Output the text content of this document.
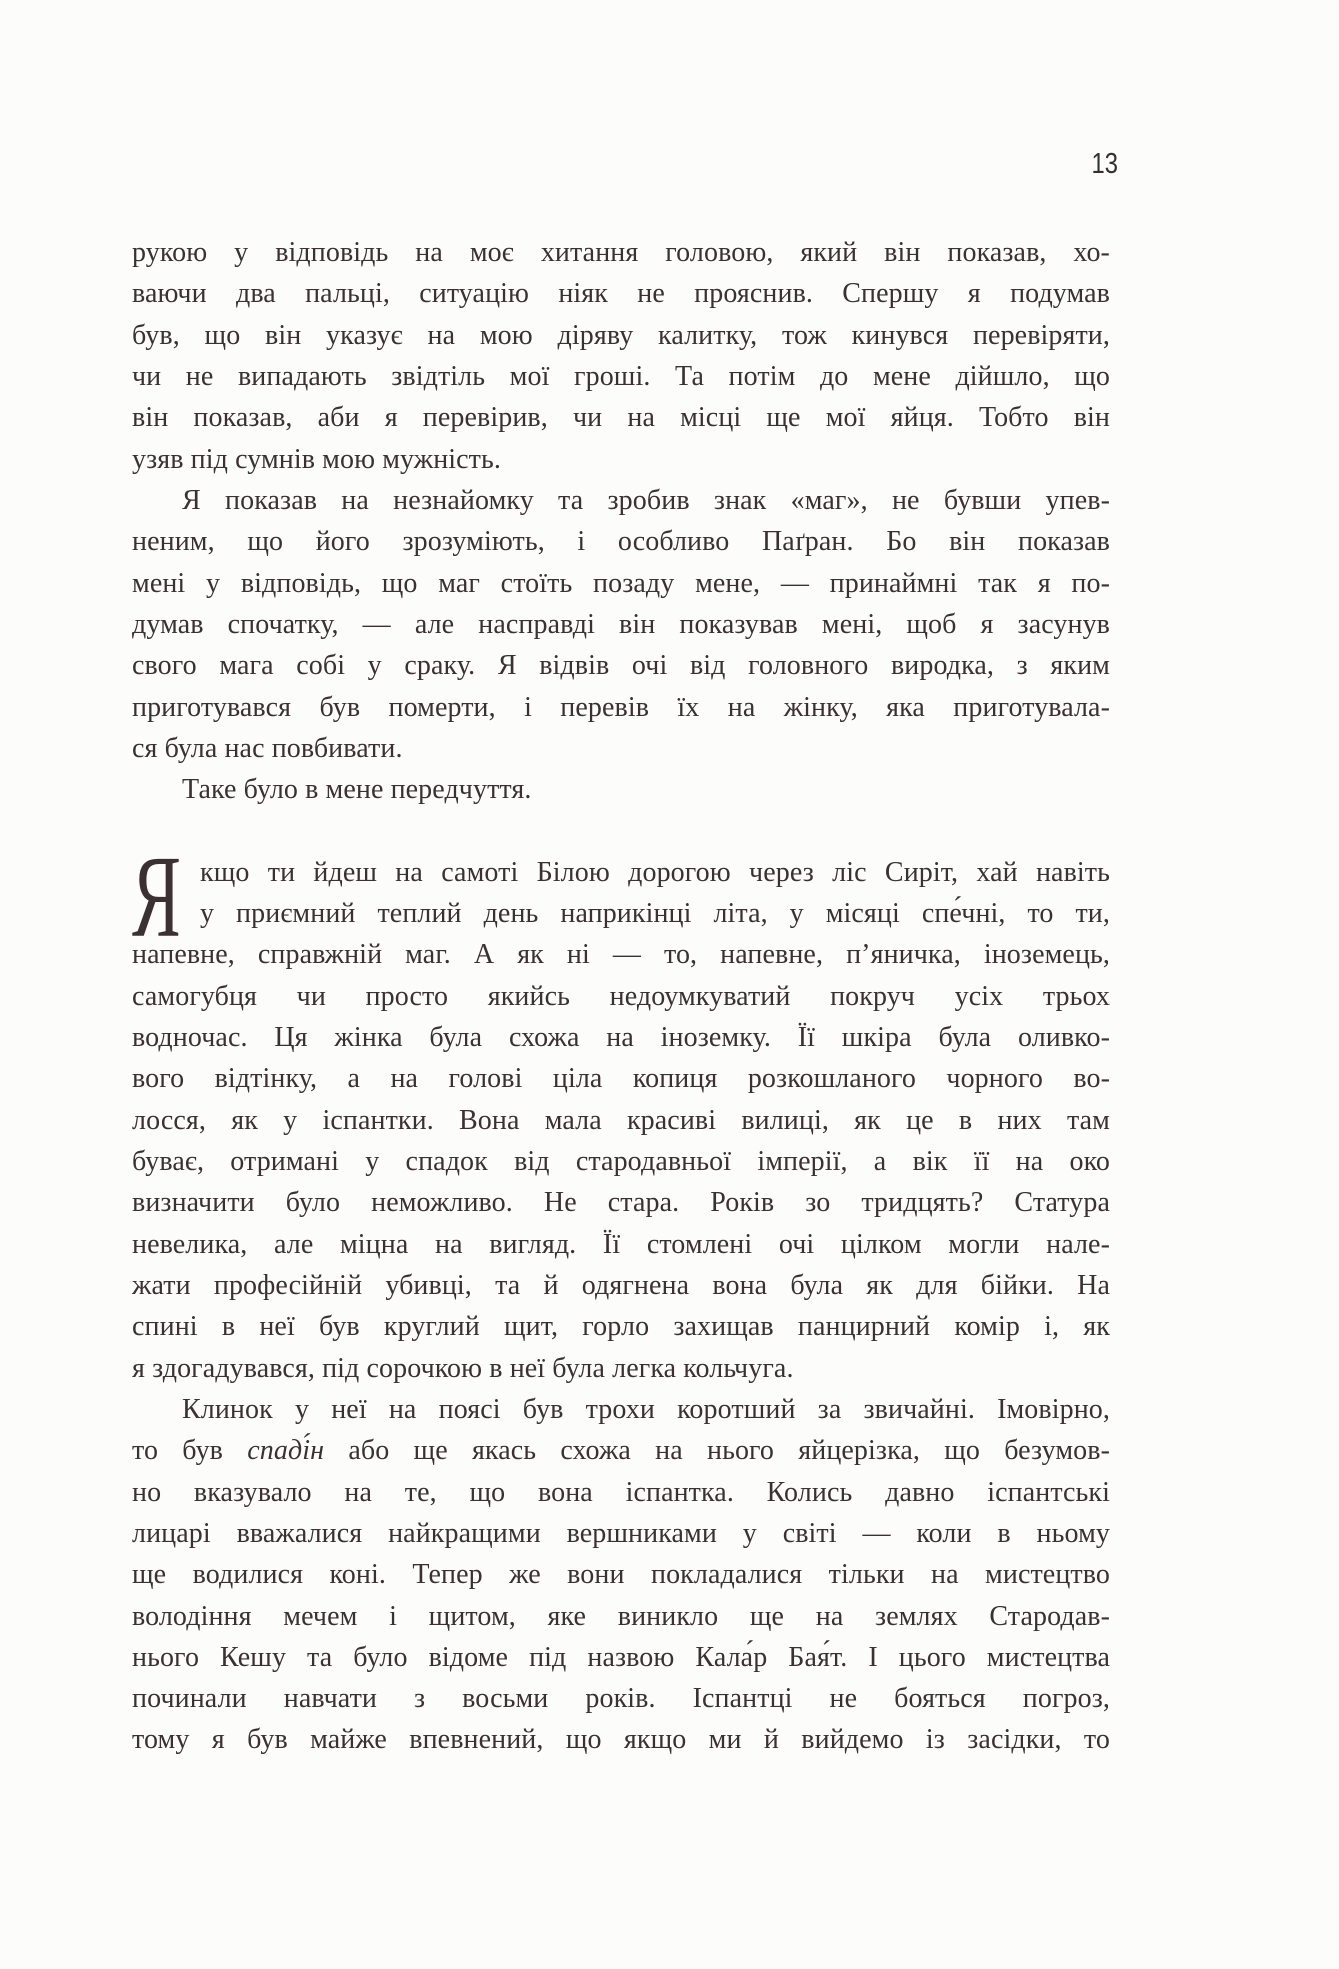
13
рукою у відповідь на моє хитання головою, який він показав, хо-
ваючи два пальці, ситуацію ніяк не прояснив. Спершу я подумав
був, що він указує на мою діряву калитку, тож кинувся перевіряти,
чи не випадають звідтіль мої гроші. Та потім до мене дійшло, що
він показав, аби я перевірив, чи на місці ще мої яйця. Тобто він
узяв під сумнів мою мужність.
Я показав на незнайомку та зробив знак «маг», не бувши упев-
неним, що його зрозуміють, і особливо Паґран. Бо він показав
мені у відповідь, що маг стоїть позаду мене, — принаймні так я по-
думав спочатку, — але насправді він показував мені, щоб я засунув
свого мага собі у сраку. Я відвів очі від головного виродка, з яким
приготувався був померти, і перевів їх на жінку, яка приготувала-
ся була нас повбивати.
Таке було в мене передчуття.
Я кщо ти йдеш на самоті Білою дорогою через ліс Сиріт, хай навіть
у приємний теплий день наприкінці літа, у місяці спе́чні, то ти,
напевне, справжній маг. А як ні — то, напевне, п’яничка, іноземець,
самогубця чи просто якийсь недоумкуватий покруч усіх трьох
водночас. Ця жінка була схожа на іноземку. Її шкіра була оливко-
вого відтінку, а на голові ціла копиця розкошланого чорного во-
лосся, як у іспантки. Вона мала красиві вилиці, як це в них там
буває, отримані у спадок від стародавньої імперії, а вік її на око
визначити було неможливо. Не стара. Років зо тридцять? Статура
невелика, але міцна на вигляд. Її стомлені очі цілком могли нале-
жати професійній убивці, та й одягнена вона була як для бійки. На
спині в неї був круглий щит, горло захищав панцирний комір і, як
я здогадувався, під сорочкою в неї була легка кольчуга.
Клинок у неї на поясі був трохи коротший за звичайні. Імовірно,
то був спаді́н або ще якась схожа на нього яйцерізка, що безумов-
но вказувало на те, що вона іспантка. Колись давно іспантські
лицарі вважалися найкращими вершниками у світі — коли в ньому
ще водилися коні. Тепер же вони покладалися тільки на мистецтво
володіння мечем і щитом, яке виникло ще на землях Стародав-
нього Кешу та було відоме під назвою Кала́р Бая́т. І цього мистецтва
починали навчати з восьми років. Іспантці не бояться погроз,
тому я був майже впевнений, що якщо ми й вийдемо із засідки, то
